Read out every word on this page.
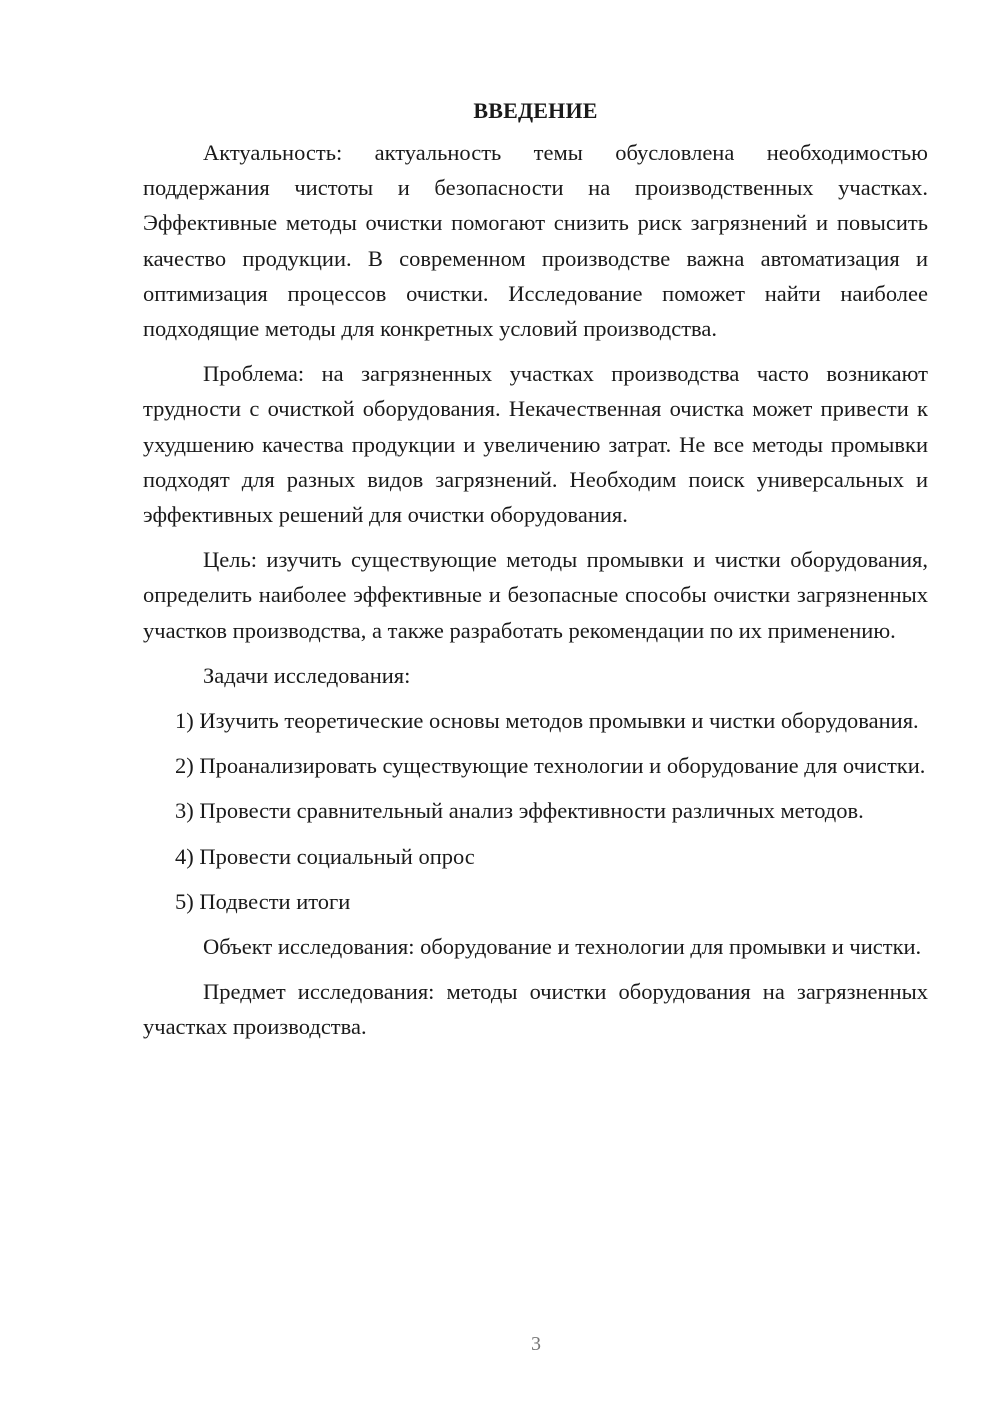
ВВЕДЕНИЕ

Актуальность: актуальность темы обусловлена необходимостью поддержания чистоты и безопасности на производственных участках. Эффективные методы очистки помогают снизить риск загрязнений и повысить качество продукции. В современном производстве важна автоматизация и оптимизация процессов очистки. Исследование поможет найти наиболее подходящие методы для конкретных условий производства.

Проблема: на загрязненных участках производства часто возникают трудности с очисткой оборудования. Некачественная очистка может привести к ухудшению качества продукции и увеличению затрат. Не все методы промывки подходят для разных видов загрязнений. Необходим поиск универсальных и эффективных решений для очистки оборудования.

Цель: изучить существующие методы промывки и чистки оборудования, определить наиболее эффективные и безопасные способы очистки загрязненных участков производства, а также разработать рекомендации по их применению.

Задачи исследования:

1) Изучить теоретические основы методов промывки и чистки оборудования.

2) Проанализировать существующие технологии и оборудование для очистки.

3) Провести сравнительный анализ эффективности различных методов.

4) Провести социальный опрос

5) Подвести итоги

Объект исследования: оборудование и технологии для промывки и чистки.

Предмет исследования: методы очистки оборудования на загрязненных участках производства.

3
